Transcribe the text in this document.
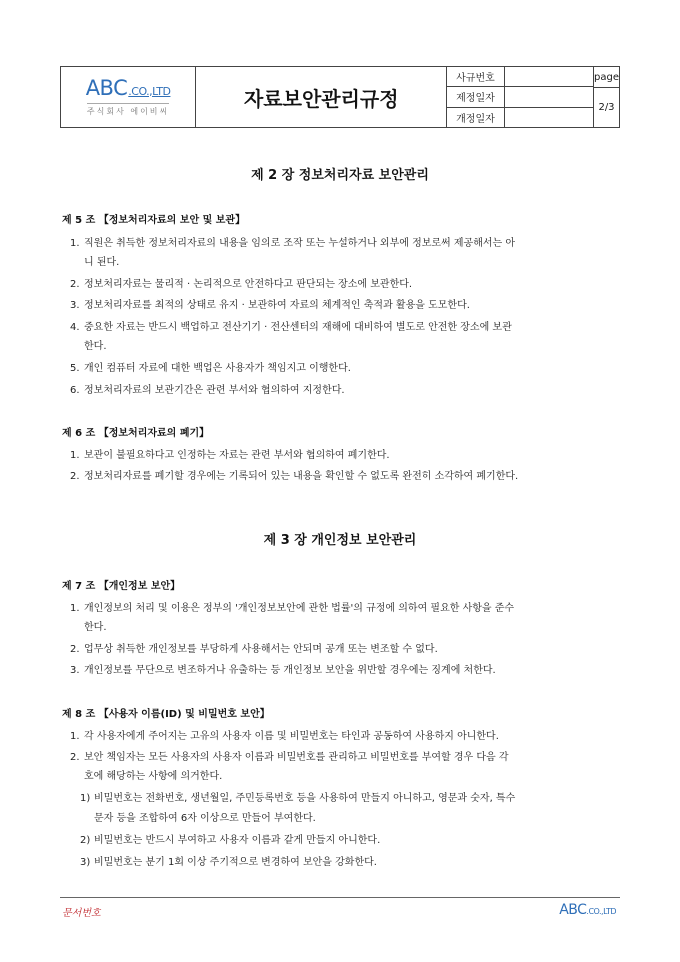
ABC.CO.,LTD
주식회사 에이비씨
자료보안관리규정
사규번호
제정일자
개정일자
page
2/3
제 2 장 정보처리자료 보안관리
제 5 조 【정보처리자료의 보안 및 보관】
1. 직원은 취득한 정보처리자료의 내용을 임의로 조작 또는 누설하거나 외부에 정보로써 제공해서는 아
니 된다.
2. 정보처리자료는 물리적 · 논리적으로 안전하다고 판단되는 장소에 보관한다.
3. 정보처리자료를 최적의 상태로 유지 · 보관하여 자료의 체계적인 축적과 활용을 도모한다.
4. 중요한 자료는 반드시 백업하고 전산기기 · 전산센터의 재해에 대비하여 별도로 안전한 장소에 보관
한다.
5. 개인 컴퓨터 자료에 대한 백업은 사용자가 책임지고 이행한다.
6. 정보처리자료의 보관기간은 관련 부서와 협의하여 지정한다.
제 6 조 【정보처리자료의 폐기】
1. 보관이 불필요하다고 인정하는 자료는 관련 부서와 협의하여 폐기한다.
2. 정보처리자료를 폐기할 경우에는 기록되어 있는 내용을 확인할 수 없도록 완전히 소각하여 폐기한다.
제 3 장 개인정보 보안관리
제 7 조 【개인정보 보안】
1. 개인정보의 처리 및 이용은 정부의 '개인정보보안에 관한 법률'의 규정에 의하여 필요한 사항을 준수
한다.
2. 업무상 취득한 개인정보를 부당하게 사용해서는 안되며 공개 또는 변조할 수 없다.
3. 개인정보를 무단으로 변조하거나 유출하는 등 개인정보 보안을 위반할 경우에는 징계에 처한다.
제 8 조 【사용자 이름(ID) 및 비밀번호 보안】
1. 각 사용자에게 주어지는 고유의 사용자 이름 및 비밀번호는 타인과 공동하여 사용하지 아니한다.
2. 보안 책임자는 모든 사용자의 사용자 이름과 비밀번호를 관리하고 비밀번호를 부여할 경우 다음 각
호에 해당하는 사항에 의거한다.
1) 비밀번호는 전화번호, 생년월일, 주민등록번호 등을 사용하여 만들지 아니하고, 영문과 숫자, 특수
문자 등을 조합하여 6자 이상으로 만들어 부여한다.
2) 비밀번호는 반드시 부여하고 사용자 이름과 같게 만들지 아니한다.
3) 비밀번호는 분기 1회 이상 주기적으로 변경하여 보안을 강화한다.
문서번호	ABC.CO.,LTD
